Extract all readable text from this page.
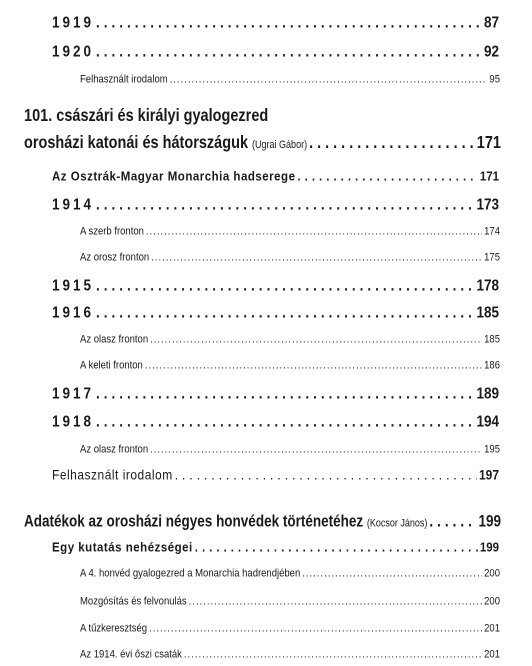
1919 .....	87
1920 .....	92
Felhasznált irodalom .....	95
101. császári és királyi gyalogezred
orosházi katonái és hátországuk (Ugrai Gábor) .....	171
Az Osztrák-Magyar Monarchia hadserege .....	171
1914 .....	173
A szerb fronton .....	174
Az orosz fronton .....	175
1915 .....	178
1916 .....	185
Az olasz fronton .....	185
A keleti fronton .....	186
1917 .....	189
1918 .....	194
Az olasz fronton .....	195
Felhasznált irodalom .....	197
Adatékok az orosházi négyes honvédek történetéhez (Kocsor János) .....	199
Egy kutatás nehézségei .....	199
A 4. honvéd gyalogezred a Monarchia hadrendjében .....	200
Mozgósítás és felvonulás .....	200
A tűzkeresztség .....	201
Az 1914. évi őszi csaták .....	201
